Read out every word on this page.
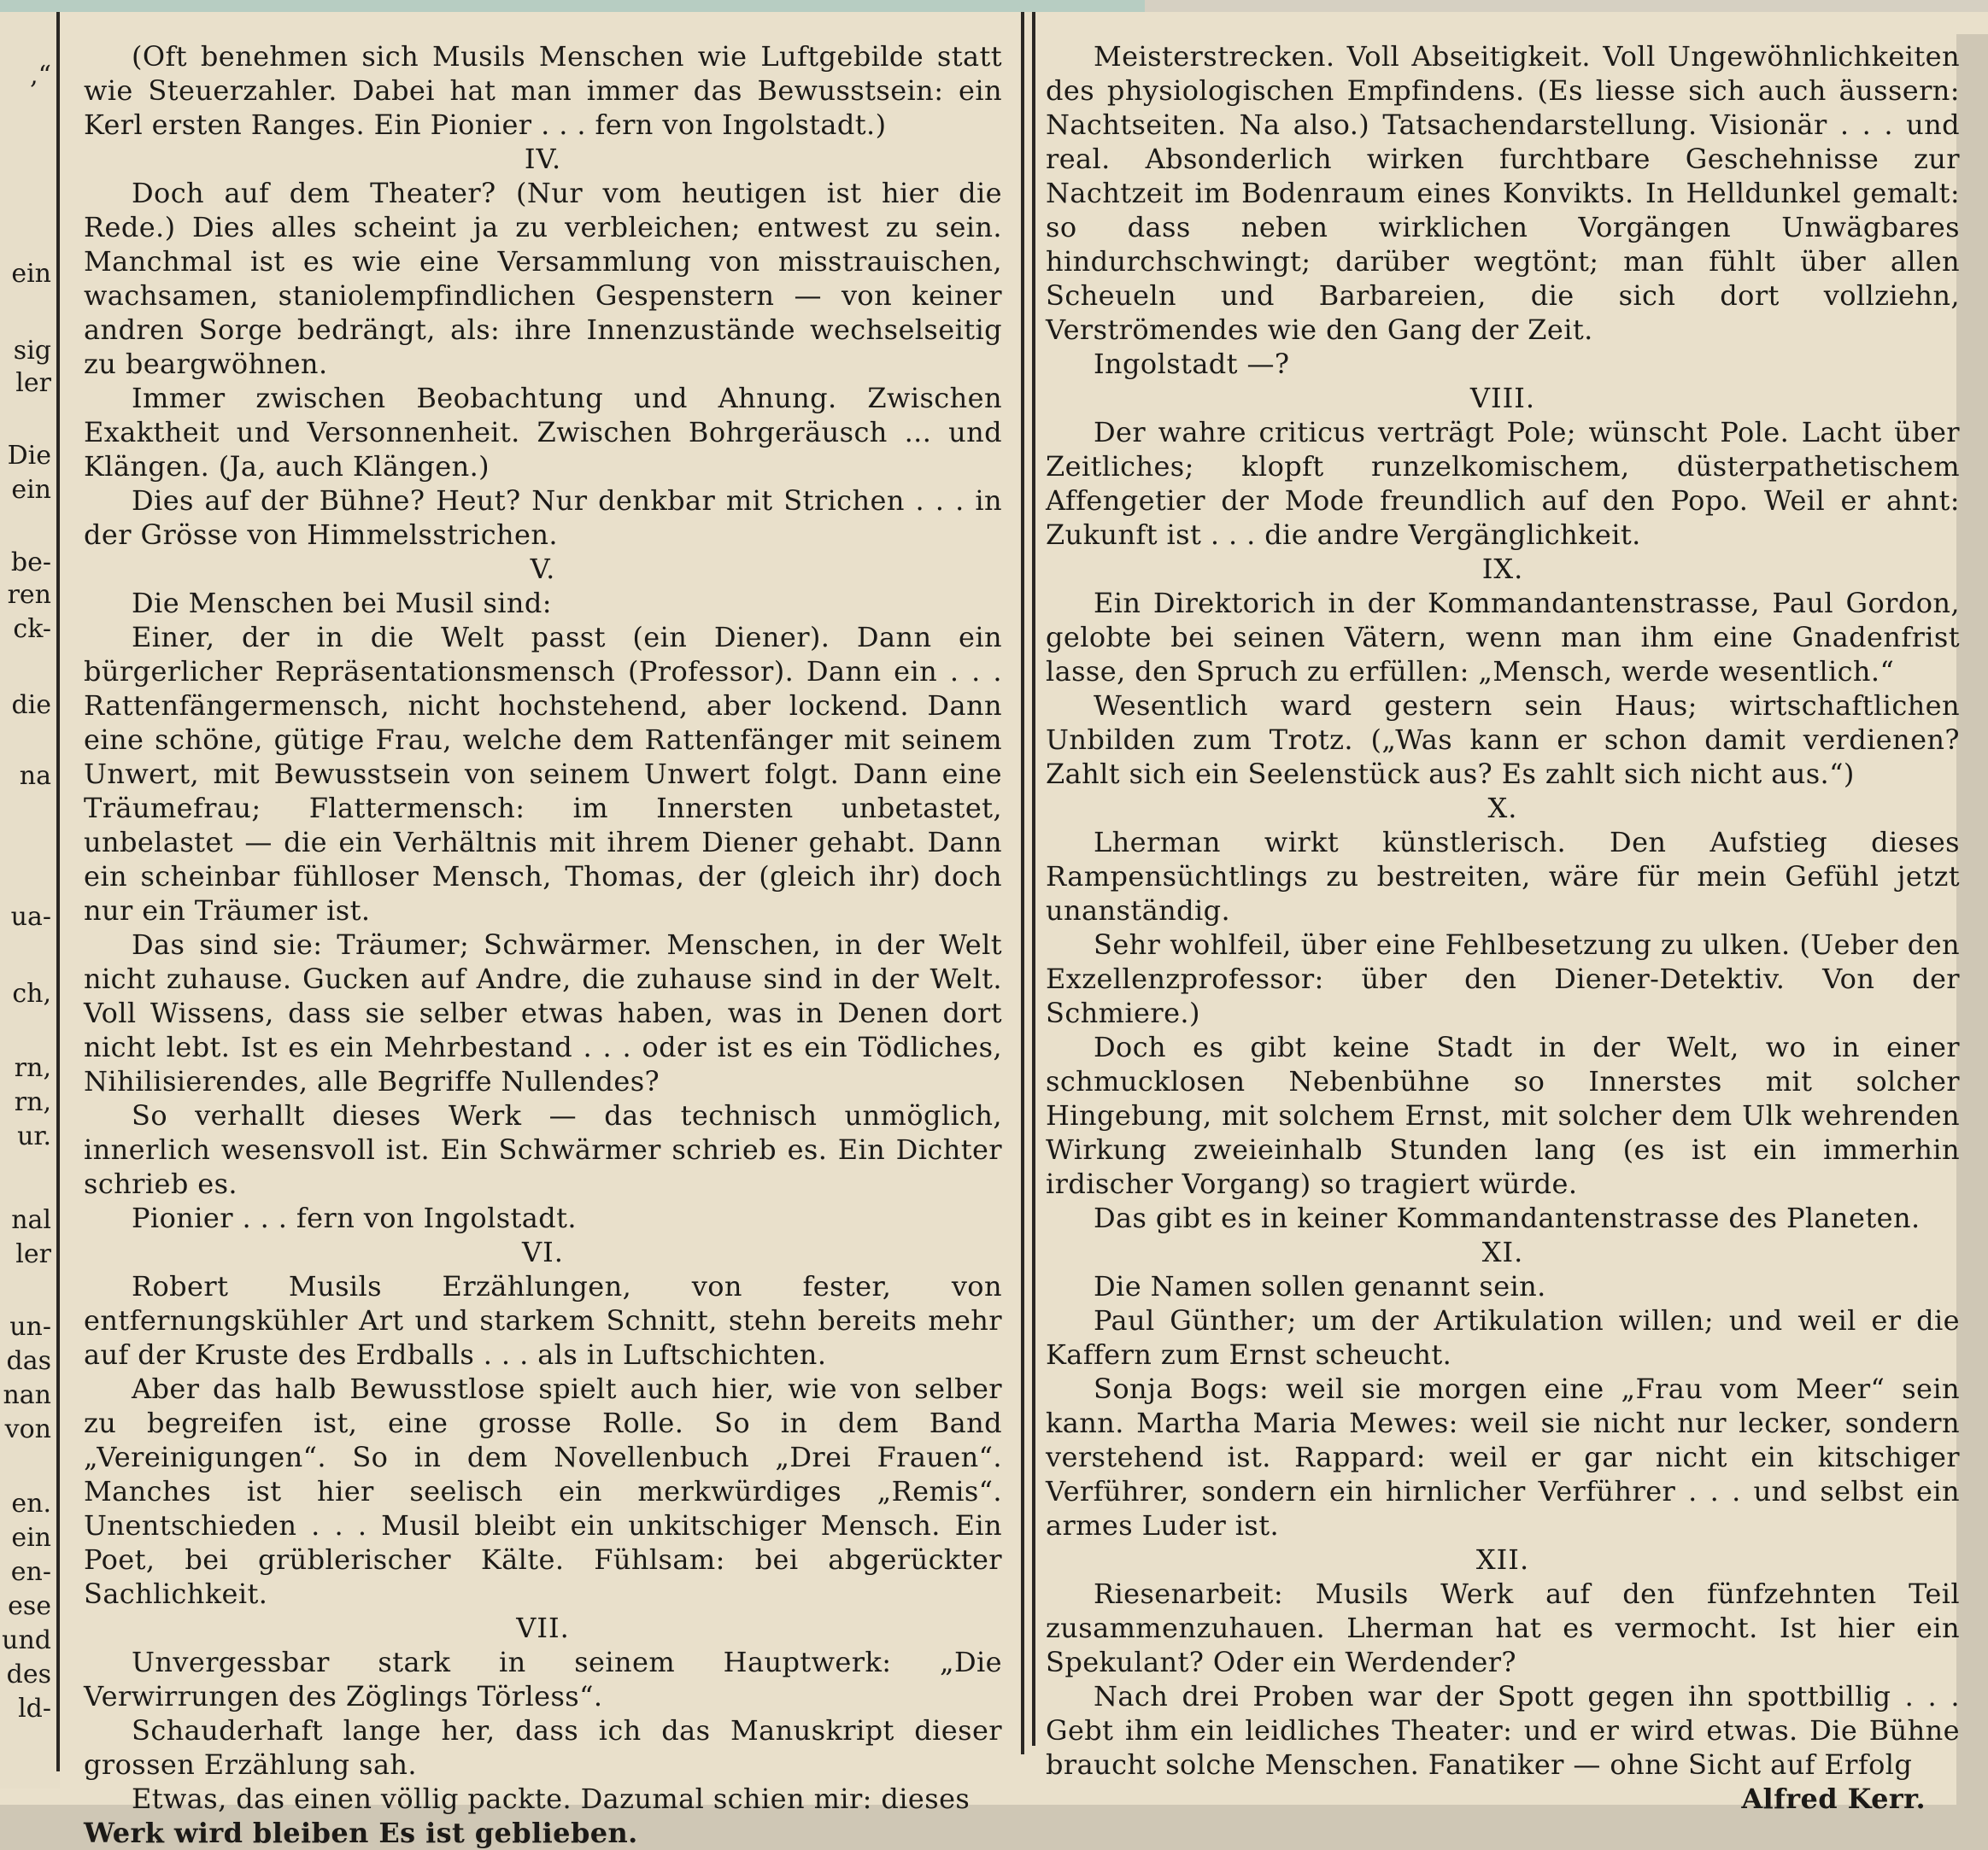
(Oft benehmen sich Musils Menschen wie Luftgebilde statt wie Steuerzahler. Dabei hat man immer das Bewusstsein: ein Kerl ersten Ranges. Ein Pionier . . . fern von Ingolstadt.)

IV.

Doch auf dem Theater? (Nur vom heutigen ist hier die Rede.) Dies alles scheint ja zu verbleichen; entwest zu sein. Manchmal ist es wie eine Versammlung von misstrauischen, wachsamen, staniolempfindlichen Gespenstern — von keiner andren Sorge bedrängt, als: ihre Innenzustände wechselseitig zu beargwöhnen.

Immer zwischen Beobachtung und Ahnung. Zwischen Exaktheit und Versonnenheit. Zwischen Bohrgeräusch ... und Klängen. (Ja, auch Klängen.)

Dies auf der Bühne? Heut? Nur denkbar mit Strichen . . . in der Grösse von Himmelsstrichen.

V.

Die Menschen bei Musil sind:

Einer, der in die Welt passt (ein Diener). Dann ein bürgerlicher Repräsentationsmensch (Professor). Dann ein . . . Rattenfängermensch, nicht hochstehend, aber lockend. Dann eine schöne, gütige Frau, welche dem Rattenfänger mit seinem Unwert, mit Bewusstsein von seinem Unwert folgt. Dann eine Träumefrau; Flattermensch: im Innersten unbetastet, unbelastet — die ein Verhältnis mit ihrem Diener gehabt. Dann ein scheinbar fühlloser Mensch, Thomas, der (gleich ihr) doch nur ein Träumer ist.

Das sind sie: Träumer; Schwärmer. Menschen, in der Welt nicht zuhause. Gucken auf Andre, die zuhause sind in der Welt. Voll Wissens, dass sie selber etwas haben, was in Denen dort nicht lebt. Ist es ein Mehrbestand . . . oder ist es ein Tödliches, Nihilisierendes, alle Begriffe Nullendes?

So verhallt dieses Werk — das technisch unmöglich, innerlich wesensvoll ist. Ein Schwärmer schrieb es. Ein Dichter schrieb es.

Pionier . . . fern von Ingolstadt.

VI.

Robert Musils Erzählungen, von fester, von entfernungskühler Art und starkem Schnitt, stehn bereits mehr auf der Kruste des Erdballs . . . als in Luftschichten.

Aber das halb Bewusstlose spielt auch hier, wie von selber zu begreifen ist, eine grosse Rolle. So in dem Band „Vereinigungen“. So in dem Novellenbuch „Drei Frauen“. Manches ist hier seelisch ein merkwürdiges „Remis“. Unentschieden . . . Musil bleibt ein unkitschiger Mensch. Ein Poet, bei grüblerischer Kälte. Fühlsam: bei abgerückter Sachlichkeit.

VII.

Unvergessbar stark in seinem Hauptwerk: „Die Verwirrungen des Zöglings Törless“.

Schauderhaft lange her, dass ich das Manuskript dieser grossen Erzählung sah.

Etwas, das einen völlig packte. Dazumal schien mir: dieses

Werk wird bleiben Es ist geblieben.

Meisterstrecken. Voll Abseitigkeit. Voll Ungewöhnlichkeiten des physiologischen Empfindens. (Es liesse sich auch äussern: Nachtseiten. Na also.) Tatsachendarstellung. Visionär . . . und real. Absonderlich wirken furchtbare Geschehnisse zur Nachtzeit im Bodenraum eines Konvikts. In Helldunkel gemalt: so dass neben wirklichen Vorgängen Unwägbares hindurchschwingt; darüber wegtönt; man fühlt über allen Scheueln und Barbareien, die sich dort vollziehn, Verströmendes wie den Gang der Zeit.

Ingolstadt —?

VIII.

Der wahre criticus verträgt Pole; wünscht Pole. Lacht über Zeitliches; klopft runzelkomischem, düsterpathetischem Affengetier der Mode freundlich auf den Popo. Weil er ahnt: Zukunft ist . . . die andre Vergänglichkeit.

IX.

Ein Direktorich in der Kommandantenstrasse, Paul Gordon, gelobte bei seinen Vätern, wenn man ihm eine Gnadenfrist lasse, den Spruch zu erfüllen: „Mensch, werde wesentlich.“

Wesentlich ward gestern sein Haus; wirtschaftlichen Unbilden zum Trotz. („Was kann er schon damit verdienen? Zahlt sich ein Seelenstück aus? Es zahlt sich nicht aus.“)

X.

Lherman wirkt künstlerisch. Den Aufstieg dieses Rampensüchtlings zu bestreiten, wäre für mein Gefühl jetzt unanständig.

Sehr wohlfeil, über eine Fehlbesetzung zu ulken. (Ueber den Exzellenzprofessor: über den Diener-Detektiv. Von der Schmiere.)

Doch es gibt keine Stadt in der Welt, wo in einer schmucklosen Nebenbühne so Innerstes mit solcher Hingebung, mit solchem Ernst, mit solcher dem Ulk wehrenden Wirkung zweieinhalb Stunden lang (es ist ein immerhin irdischer Vorgang) so tragiert würde.

Das gibt es in keiner Kommandantenstrasse des Planeten.

XI.

Die Namen sollen genannt sein.

Paul Günther; um der Artikulation willen; und weil er die Kaffern zum Ernst scheucht.

Sonja Bogs: weil sie morgen eine „Frau vom Meer“ sein kann. Martha Maria Mewes: weil sie nicht nur lecker, sondern verstehend ist. Rappard: weil er gar nicht ein kitschiger Verführer, sondern ein hirnlicher Verführer . . . und selbst ein armes Luder ist.

XII.

Riesenarbeit: Musils Werk auf den fünfzehnten Teil zusammenzuhauen. Lherman hat es vermocht. Ist hier ein Spekulant? Oder ein Werdender?

Nach drei Proben war der Spott gegen ihn spottbillig . . . Gebt ihm ein leidliches Theater: und er wird etwas. Die Bühne braucht solche Menschen. Fanatiker — ohne Sicht auf Erfolg

Alfred Kerr.

,“
ein
sig
ler
Die
ein
be-
ren
ck-
die
na
ua-
ch,
rn,
rn,
ur.
nal
ler
un-
das
nan
von
en.
ein
en-
ese
und
des
ld-
